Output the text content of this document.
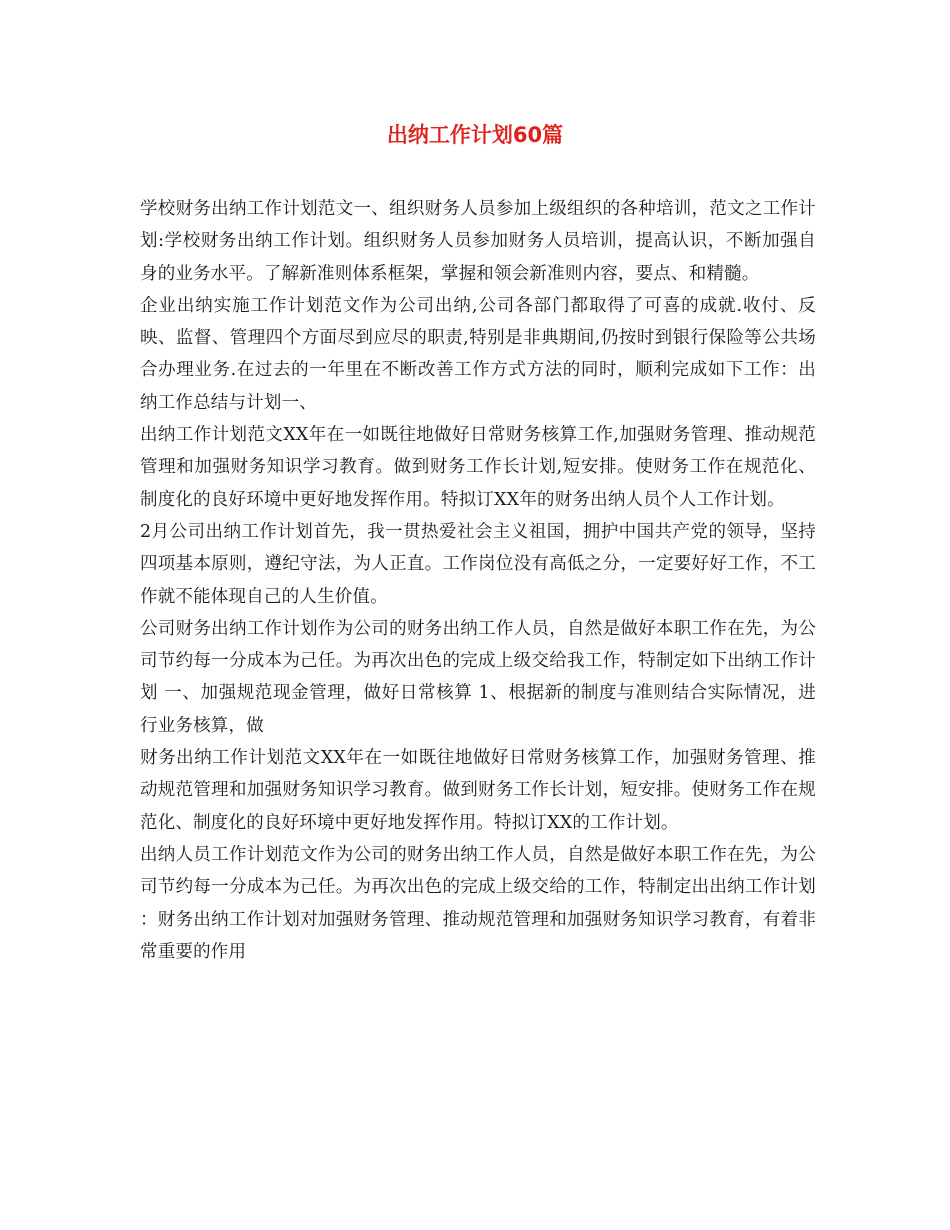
出纳工作计划60篇

学校财务出纳工作计划范文一、组织财务人员参加上级组织的各种培训，范文之工作计划:学校财务出纳工作计划。组织财务人员参加财务人员培训，提高认识，不断加强自身的业务水平。了解新准则体系框架，掌握和领会新准则内容，要点、和精髓。

企业出纳实施工作计划范文作为公司出纳,公司各部门都取得了可喜的成就.收付、反映、监督、管理四个方面尽到应尽的职责,特别是非典期间,仍按时到银行保险等公共场合办理业务.在过去的一年里在不断改善工作方式方法的同时，顺利完成如下工作：出纳工作总结与计划一、

出纳工作计划范文XX年在一如既往地做好日常财务核算工作,加强财务管理、推动规范管理和加强财务知识学习教育。做到财务工作长计划,短安排。使财务工作在规范化、制度化的良好环境中更好地发挥作用。特拟订XX年的财务出纳人员个人工作计划。

2月公司出纳工作计划首先，我一贯热爱社会主义祖国，拥护中国共产党的领导，坚持四项基本原则，遵纪守法，为人正直。工作岗位没有高低之分，一定要好好工作，不工作就不能体现自己的人生价值。

公司财务出纳工作计划作为公司的财务出纳工作人员，自然是做好本职工作在先，为公司节约每一分成本为己任。为再次出色的完成上级交给我工作，特制定如下出纳工作计划 一、加强规范现金管理，做好日常核算 1、根据新的制度与准则结合实际情况，进行业务核算，做

财务出纳工作计划范文XX年在一如既往地做好日常财务核算工作，加强财务管理、推动规范管理和加强财务知识学习教育。做到财务工作长计划，短安排。使财务工作在规范化、制度化的良好环境中更好地发挥作用。特拟订XX的工作计划。

出纳人员工作计划范文作为公司的财务出纳工作人员，自然是做好本职工作在先，为公司节约每一分成本为己任。为再次出色的完成上级交给的工作，特制定出出纳工作计划 ：财务出纳工作计划对加强财务管理、推动规范管理和加强财务知识学习教育，有着非常重要的作用
